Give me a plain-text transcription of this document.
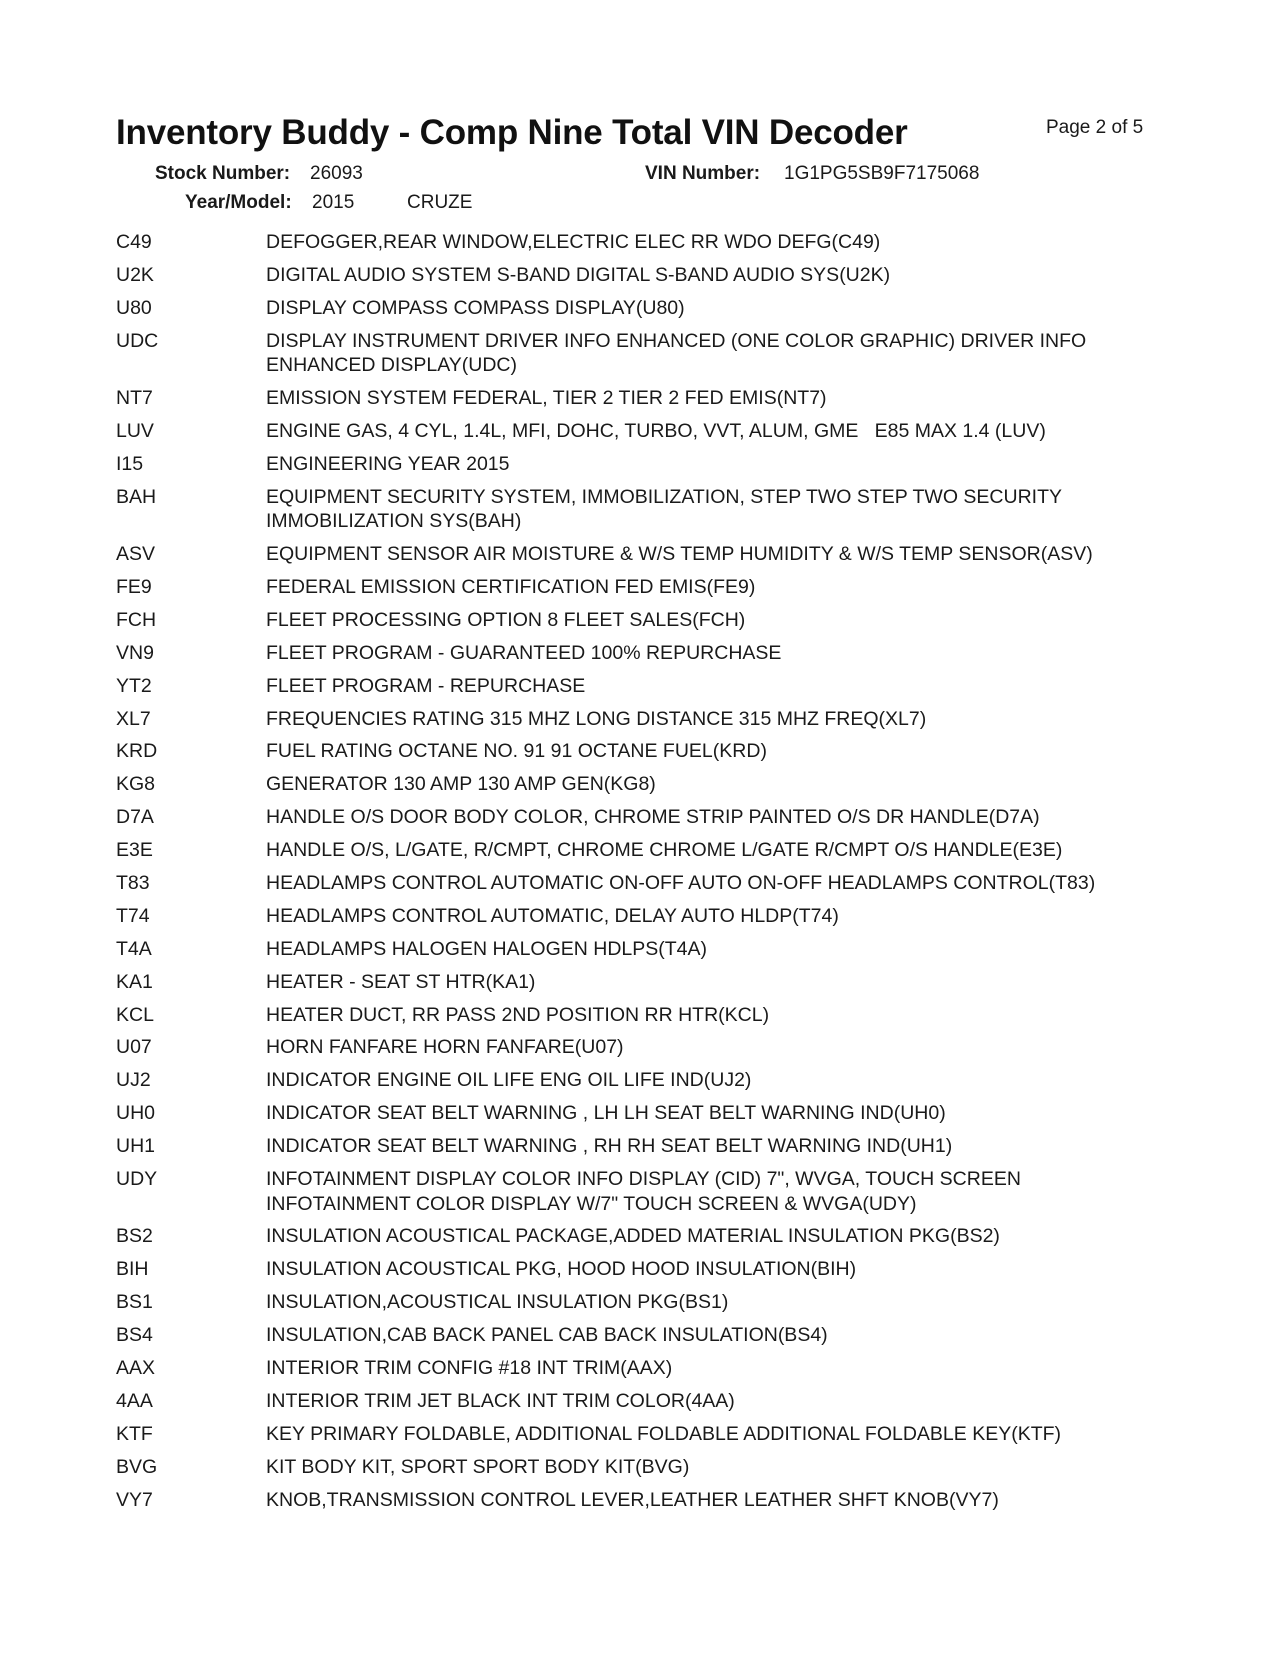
Inventory Buddy - Comp Nine Total VIN Decoder	Page 2 of 5
Stock Number: 26093	VIN Number: 1G1PG5SB9F7175068
Year/Model: 2015	CRUZE
C49	DEFOGGER,REAR WINDOW,ELECTRIC ELEC RR WDO DEFG(C49)
U2K	DIGITAL AUDIO SYSTEM S-BAND DIGITAL S-BAND AUDIO SYS(U2K)
U80	DISPLAY COMPASS COMPASS DISPLAY(U80)
UDC	DISPLAY INSTRUMENT DRIVER INFO ENHANCED (ONE COLOR GRAPHIC) DRIVER INFO
ENHANCED DISPLAY(UDC)
NT7	EMISSION SYSTEM FEDERAL, TIER 2 TIER 2 FED EMIS(NT7)
LUV	ENGINE GAS, 4 CYL, 1.4L, MFI, DOHC, TURBO, VVT, ALUM, GME   E85 MAX 1.4 (LUV)
I15	ENGINEERING YEAR 2015
BAH	EQUIPMENT SECURITY SYSTEM, IMMOBILIZATION, STEP TWO STEP TWO SECURITY
IMMOBILIZATION SYS(BAH)
ASV	EQUIPMENT SENSOR AIR MOISTURE & W/S TEMP HUMIDITY & W/S TEMP SENSOR(ASV)
FE9	FEDERAL EMISSION CERTIFICATION FED EMIS(FE9)
FCH	FLEET PROCESSING OPTION 8 FLEET SALES(FCH)
VN9	FLEET PROGRAM - GUARANTEED 100% REPURCHASE
YT2	FLEET PROGRAM - REPURCHASE
XL7	FREQUENCIES RATING 315 MHZ LONG DISTANCE 315 MHZ FREQ(XL7)
KRD	FUEL RATING OCTANE NO. 91 91 OCTANE FUEL(KRD)
KG8	GENERATOR 130 AMP 130 AMP GEN(KG8)
D7A	HANDLE O/S DOOR BODY COLOR, CHROME STRIP PAINTED O/S DR HANDLE(D7A)
E3E	HANDLE O/S, L/GATE, R/CMPT, CHROME CHROME L/GATE R/CMPT O/S HANDLE(E3E)
T83	HEADLAMPS CONTROL AUTOMATIC ON-OFF AUTO ON-OFF HEADLAMPS CONTROL(T83)
T74	HEADLAMPS CONTROL AUTOMATIC, DELAY AUTO HLDP(T74)
T4A	HEADLAMPS HALOGEN HALOGEN HDLPS(T4A)
KA1	HEATER - SEAT ST HTR(KA1)
KCL	HEATER DUCT, RR PASS 2ND POSITION RR HTR(KCL)
U07	HORN FANFARE HORN FANFARE(U07)
UJ2	INDICATOR ENGINE OIL LIFE ENG OIL LIFE IND(UJ2)
UH0	INDICATOR SEAT BELT WARNING , LH LH SEAT BELT WARNING IND(UH0)
UH1	INDICATOR SEAT BELT WARNING , RH RH SEAT BELT WARNING IND(UH1)
UDY	INFOTAINMENT DISPLAY COLOR INFO DISPLAY (CID) 7", WVGA, TOUCH SCREEN
INFOTAINMENT COLOR DISPLAY W/7" TOUCH SCREEN & WVGA(UDY)
BS2	INSULATION ACOUSTICAL PACKAGE,ADDED MATERIAL INSULATION PKG(BS2)
BIH	INSULATION ACOUSTICAL PKG, HOOD HOOD INSULATION(BIH)
BS1	INSULATION,ACOUSTICAL INSULATION PKG(BS1)
BS4	INSULATION,CAB BACK PANEL CAB BACK INSULATION(BS4)
AAX	INTERIOR TRIM CONFIG #18 INT TRIM(AAX)
4AA	INTERIOR TRIM JET BLACK INT TRIM COLOR(4AA)
KTF	KEY PRIMARY FOLDABLE, ADDITIONAL FOLDABLE ADDITIONAL FOLDABLE KEY(KTF)
BVG	KIT BODY KIT, SPORT SPORT BODY KIT(BVG)
VY7	KNOB,TRANSMISSION CONTROL LEVER,LEATHER LEATHER SHFT KNOB(VY7)
